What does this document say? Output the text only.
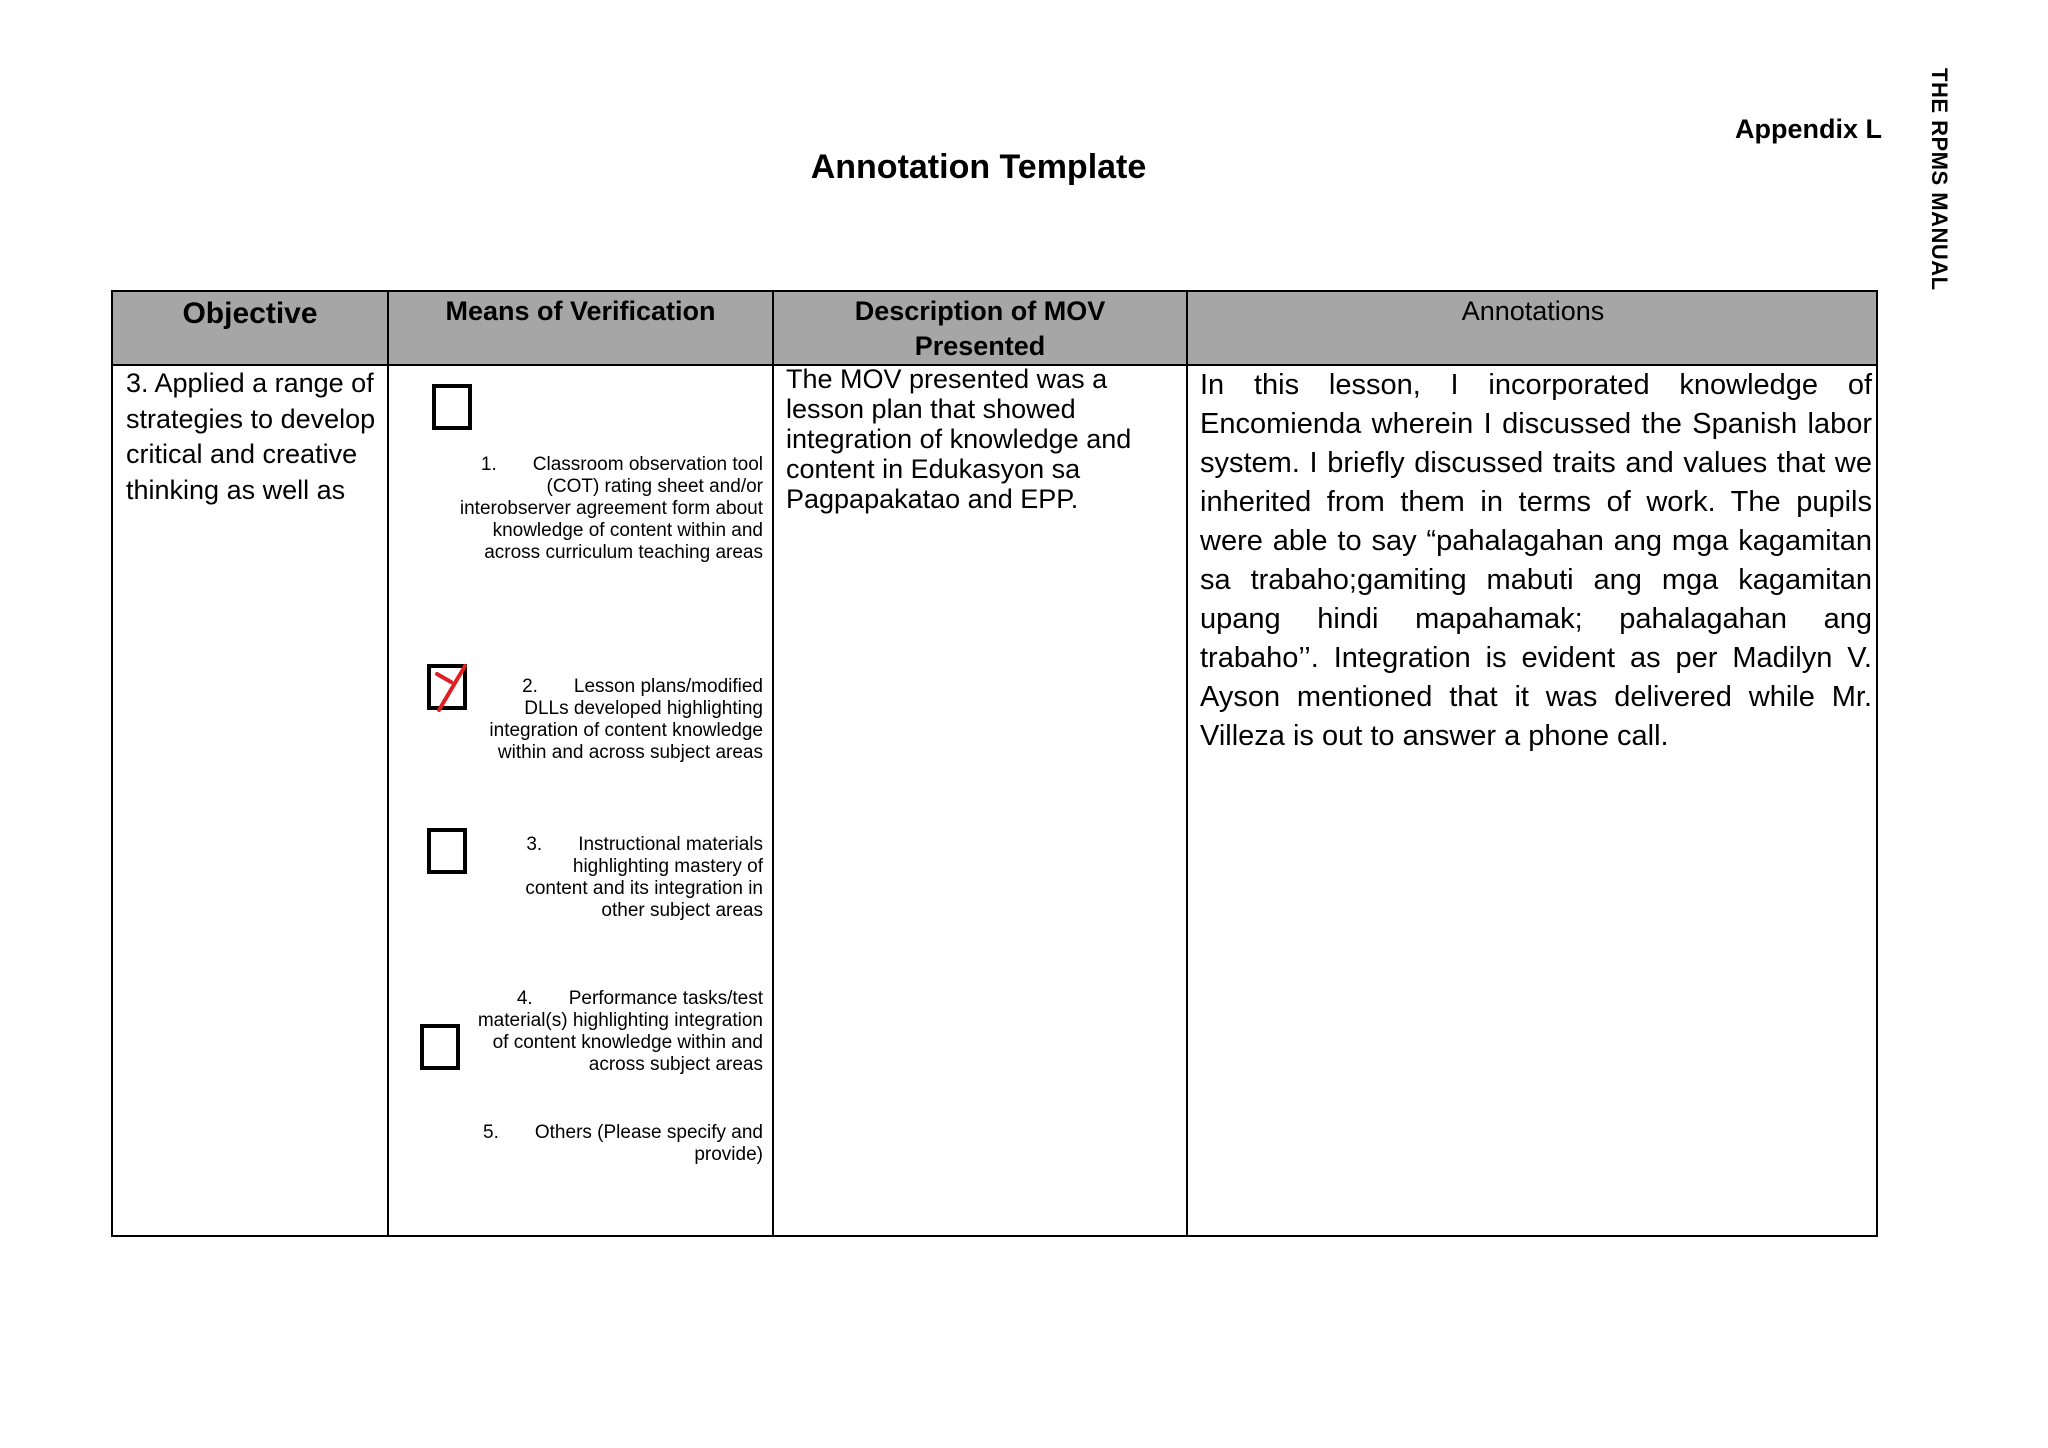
THE RPMS MANUAL
Appendix L
Annotation Template
Objective	Means of Verification	Description of MOV Presented
Annotations
3. Applied a range of strategies to develop critical and creative thinking as well as
1. Classroom observation tool (COT) rating sheet and/or interobserver agreement form about knowledge of content within and across curriculum teaching areas
2. Lesson plans/modified DLLs developed highlighting integration of content knowledge within and across subject areas
3. Instructional materials highlighting mastery of content and its integration in other subject areas
4. Performance tasks/test material(s) highlighting integration of content knowledge within and across subject areas
5. Others (Please specify and provide)
The MOV presented was a lesson plan that showed integration of knowledge and content in Edukasyon sa Pagpapakatao and EPP.
In this lesson, I incorporated knowledge of Encomienda wherein I discussed the Spanish labor system. I briefly discussed traits and values that we inherited from them in terms of work. The pupils were able to say “pahalagahan ang mga kagamitan sa trabaho;gamiting mabuti ang mga kagamitan upang hindi mapahamak; pahalagahan ang trabaho’’. Integration is evident as per Madilyn V. Ayson mentioned that it was delivered while Mr. Villeza is out to answer a phone call.
